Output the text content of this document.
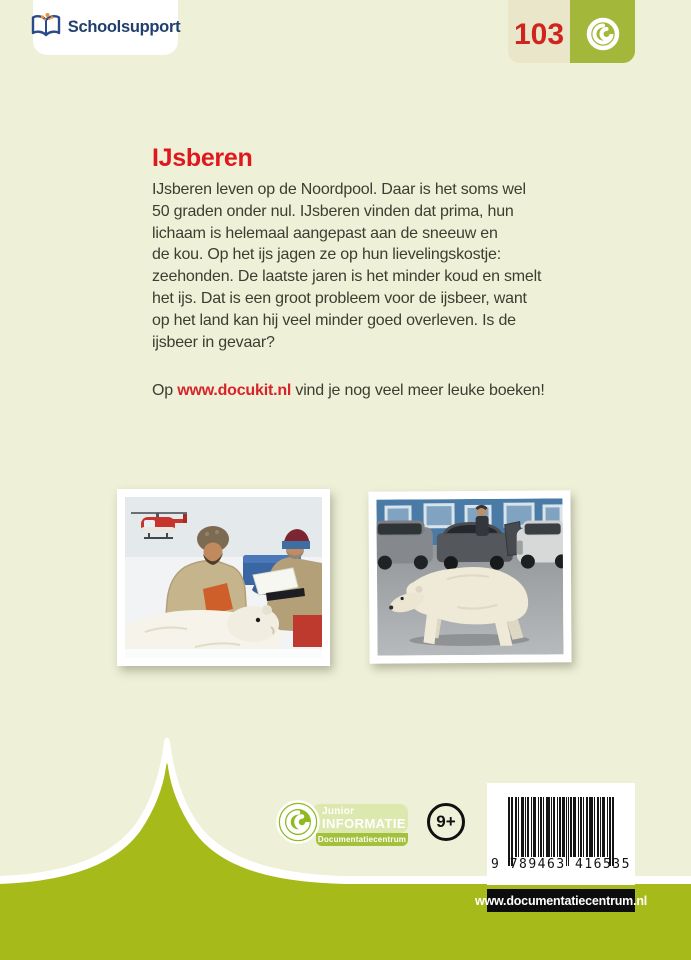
Schoolsupport	103
IJsberen
IJsberen leven op de Noordpool. Daar is het soms wel
50 graden onder nul. IJsberen vinden dat prima, hun
lichaam is helemaal aangepast aan de sneeuw en
de kou. Op het ijs jagen ze op hun lievelingskostje:
zeehonden. De laatste jaren is het minder koud en smelt
het ijs. Dat is een groot probleem voor de ijsbeer, want
op het land kan hij veel minder goed overleven. Is de
ijsbeer in gevaar?
Op www.docukit.nl vind je nog veel meer leuke boeken!
Junior
INFORMATIE
Documentatiecentrum
9+
9 789463 416535
www.documentatiecentrum.nl
